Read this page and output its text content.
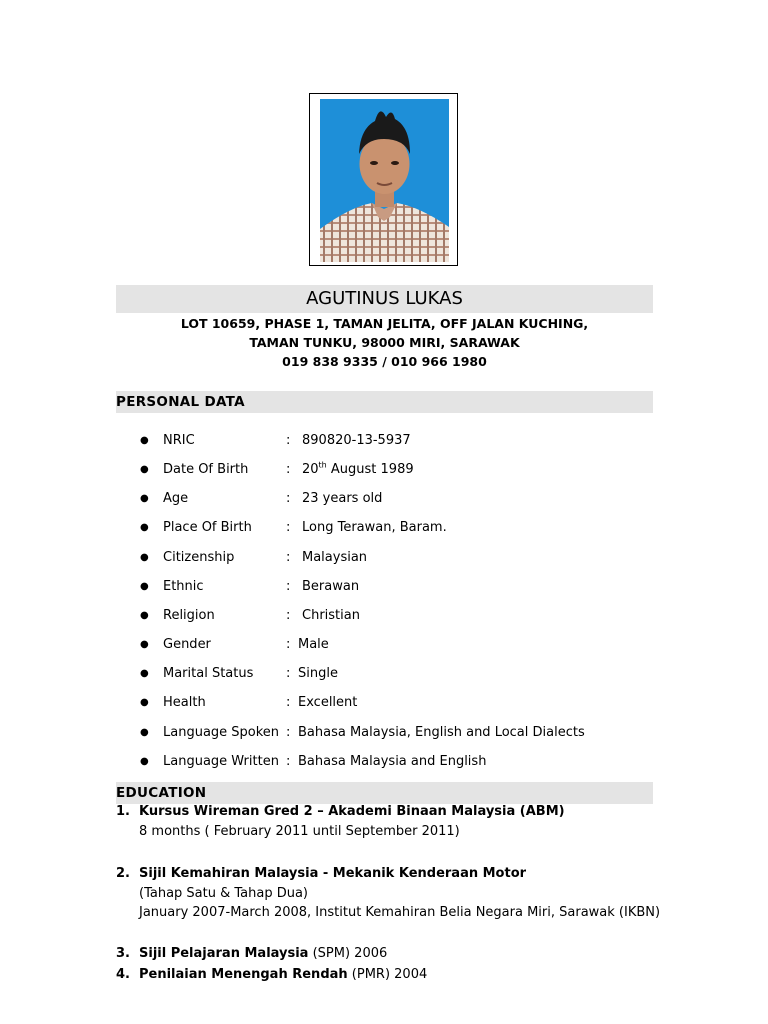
AGUTINUS LUKAS
LOT 10659, PHASE 1, TAMAN JELITA, OFF JALAN KUCHING,
TAMAN TUNKU, 98000 MIRI, SARAWAK
019 838 9335 / 010 966 1980
PERSONAL DATA
● NRIC	: 890820-13-5937
● Date Of Birth	: 20th August 1989
● Age	: 23 years old
● Place Of Birth	: Long Terawan, Baram.
● Citizenship	: Malaysian
● Ethnic	: Berawan
● Religion	: Christian
● Gender	: Male
● Marital Status	: Single
● Health	: Excellent
● Language Spoken : Bahasa Malaysia, English and Local Dialects
● Language Written : Bahasa Malaysia and English
EDUCATION
1. Kursus Wireman Gred 2 – Akademi Binaan Malaysia (ABM)
8 months ( February 2011 until September 2011)
2. Sijil Kemahiran Malaysia - Mekanik Kenderaan Motor
(Tahap Satu & Tahap Dua)
January 2007-March 2008, Institut Kemahiran Belia Negara Miri, Sarawak (IKBN)
3. Sijil Pelajaran Malaysia (SPM) 2006
4. Penilaian Menengah Rendah (PMR) 2004
